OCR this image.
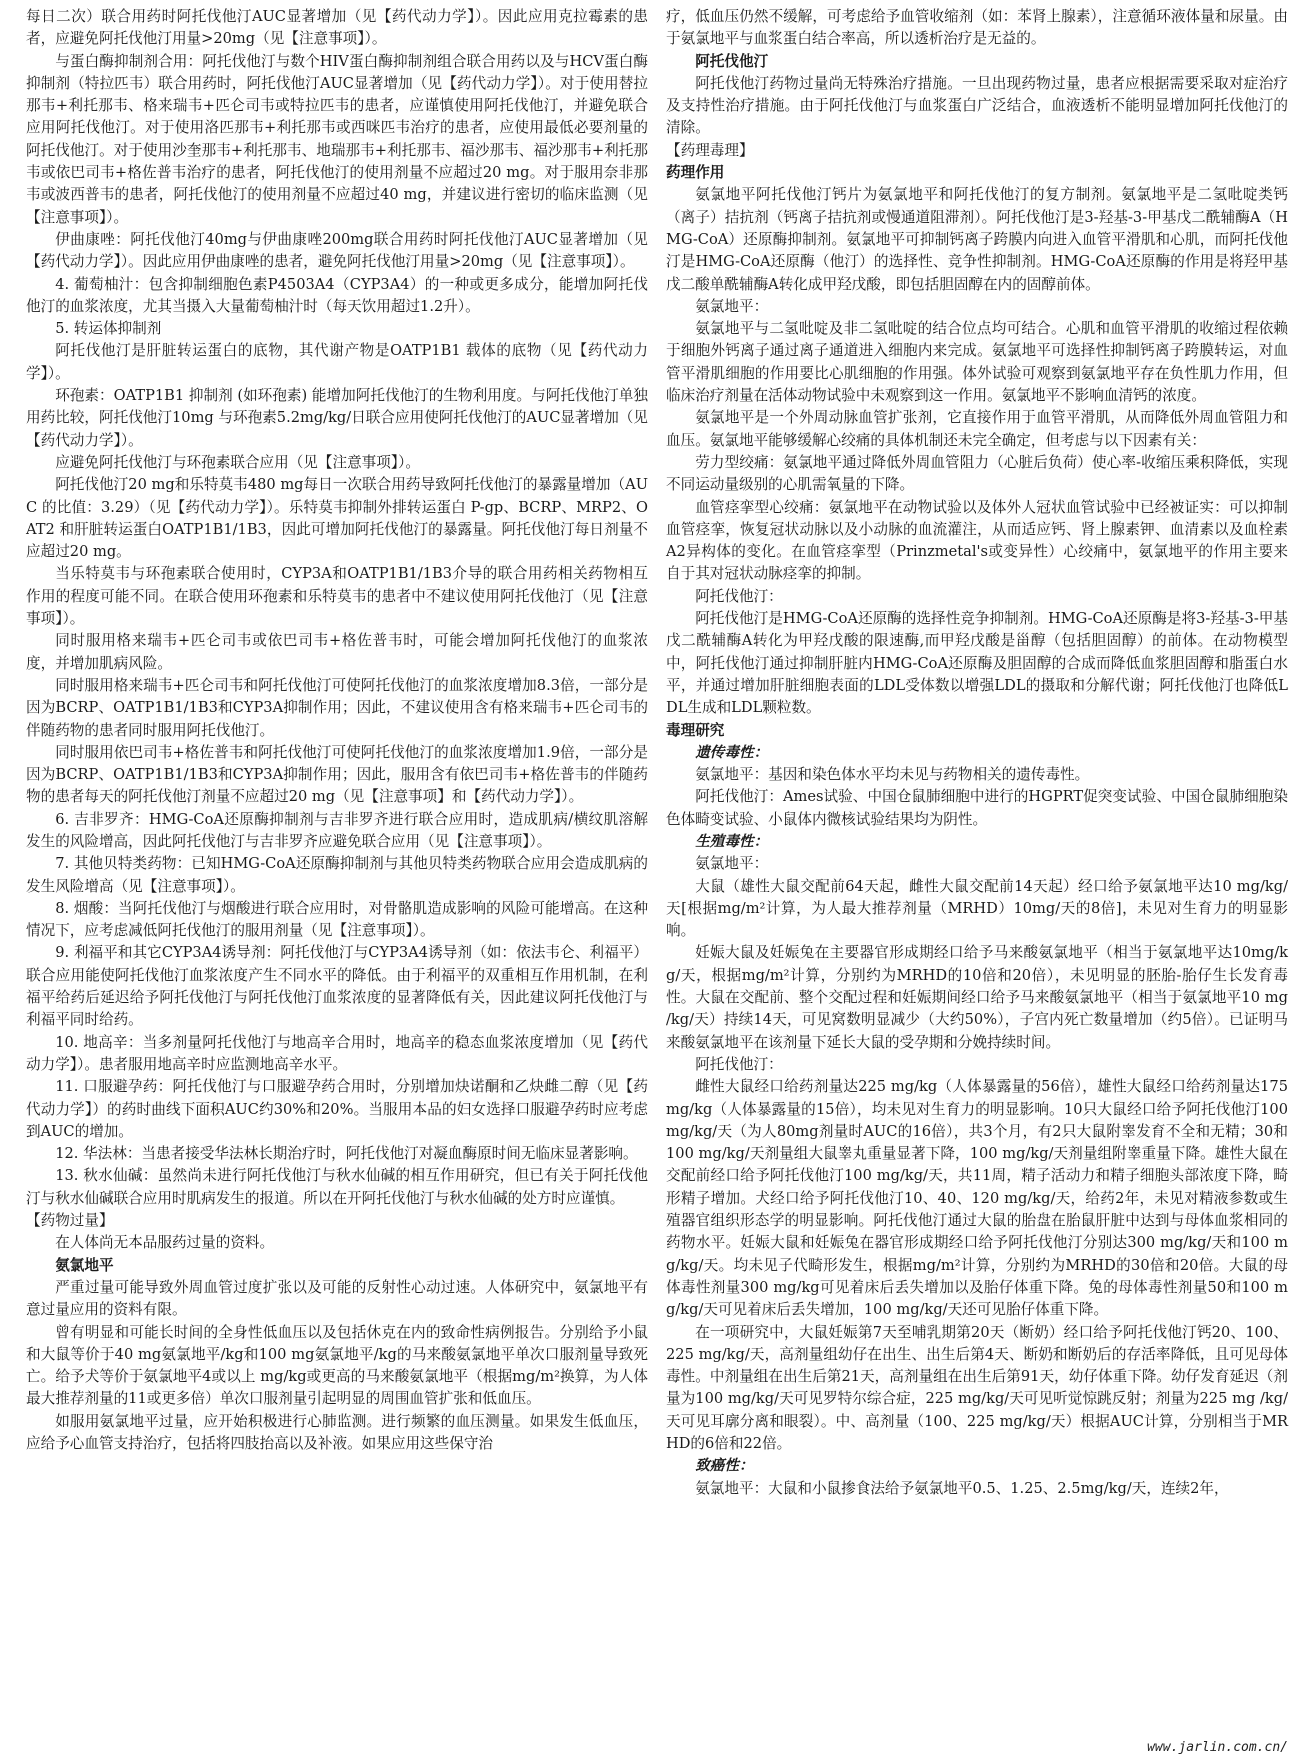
每日二次）联合用药时阿托伐他汀AUC显著增加（见【药代动力学】）。因此应用克拉霉素的患者，应避免阿托伐他汀用量>20mg（见【注意事项】）。

与蛋白酶抑制剂合用：阿托伐他汀与数个HIV蛋白酶抑制剂组合联合用药以及与HCV蛋白酶抑制剂（特拉匹韦）联合用药时，阿托伐他汀AUC显著增加（见【药代动力学】）。对于使用替拉那韦+利托那韦、格来瑞韦+匹仑司韦或特拉匹韦的患者，应谨慎使用阿托伐他汀，并避免联合应用阿托伐他汀。对于使用洛匹那韦+利托那韦或西咪匹韦治疗的患者，应使用最低必要剂量的阿托伐他汀。对于使用沙奎那韦+利托那韦、地瑞那韦+利托那韦、福沙那韦、福沙那韦+利托那韦或依巴司韦+格佐普韦治疗的患者，阿托伐他汀的使用剂量不应超过20 mg。对于服用奈非那韦或波西普韦的患者，阿托伐他汀的使用剂量不应超过40 mg，并建议进行密切的临床监测（见【注意事项】）。

伊曲康唑：阿托伐他汀40mg与伊曲康唑200mg联合用药时阿托伐他汀AUC显著增加（见【药代动力学】）。因此应用伊曲康唑的患者，避免阿托伐他汀用量>20mg（见【注意事项】）。

4. 葡萄柚汁：包含抑制细胞色素P4503A4（CYP3A4）的一种或更多成分，能增加阿托伐他汀的血浆浓度，尤其当摄入大量葡萄柚汁时（每天饮用超过1.2升）。

5. 转运体抑制剂

阿托伐他汀是肝脏转运蛋白的底物，其代谢产物是OATP1B1 载体的底物（见【药代动力学】）。

环孢素：OATP1B1 抑制剂 (如环孢素) 能增加阿托伐他汀的生物利用度。与阿托伐他汀单独用药比较，阿托伐他汀10mg 与环孢素5.2mg/kg/日联合应用使阿托伐他汀的AUC显著增加（见【药代动力学】）。

应避免阿托伐他汀与环孢素联合应用（见【注意事项】）。

阿托伐他汀20 mg和乐特莫韦480 mg每日一次联合用药导致阿托伐他汀的暴露量增加（AUC 的比值：3.29）（见【药代动力学】）。乐特莫韦抑制外排转运蛋白 P-gp、BCRP、MRP2、OAT2 和肝脏转运蛋白OATP1B1/1B3，因此可增加阿托伐他汀的暴露量。阿托伐他汀每日剂量不应超过20 mg。

当乐特莫韦与环孢素联合使用时，CYP3A和OATP1B1/1B3介导的联合用药相关药物相互作用的程度可能不同。在联合使用环孢素和乐特莫韦的患者中不建议使用阿托伐他汀（见【注意事项】）。

同时服用格来瑞韦+匹仑司韦或依巴司韦+格佐普韦时，可能会增加阿托伐他汀的血浆浓度，并增加肌病风险。

同时服用格来瑞韦+匹仑司韦和阿托伐他汀可使阿托伐他汀的血浆浓度增加8.3倍，一部分是因为BCRP、OATP1B1/1B3和CYP3A抑制作用；因此，不建议使用含有格来瑞韦+匹仑司韦的伴随药物的患者同时服用阿托伐他汀。

同时服用依巴司韦+格佐普韦和阿托伐他汀可使阿托伐他汀的血浆浓度增加1.9倍，一部分是因为BCRP、OATP1B1/1B3和CYP3A抑制作用；因此，服用含有依巴司韦+格佐普韦的伴随药物的患者每天的阿托伐他汀剂量不应超过20 mg（见【注意事项】和【药代动力学】）。

6. 吉非罗齐：HMG-CoA还原酶抑制剂与吉非罗齐进行联合应用时，造成肌病/横纹肌溶解发生的风险增高，因此阿托伐他汀与吉非罗齐应避免联合应用（见【注意事项】）。

7. 其他贝特类药物：已知HMG-CoA还原酶抑制剂与其他贝特类药物联合应用会造成肌病的发生风险增高（见【注意事项】）。

8. 烟酸：当阿托伐他汀与烟酸进行联合应用时，对骨骼肌造成影响的风险可能增高。在这种情况下，应考虑减低阿托伐他汀的服用剂量（见【注意事项】）。

9. 利福平和其它CYP3A4诱导剂：阿托伐他汀与CYP3A4诱导剂（如：依法韦仑、利福平）联合应用能使阿托伐他汀血浆浓度产生不同水平的降低。由于利福平的双重相互作用机制，在利福平给药后延迟给予阿托伐他汀与阿托伐他汀血浆浓度的显著降低有关，因此建议阿托伐他汀与利福平同时给药。

10. 地高辛：当多剂量阿托伐他汀与地高辛合用时，地高辛的稳态血浆浓度增加（见【药代动力学】）。患者服用地高辛时应监测地高辛水平。

11. 口服避孕药：阿托伐他汀与口服避孕药合用时，分别增加炔诺酮和乙炔雌二醇（见【药代动力学】）的药时曲线下面积AUC约30%和20%。当服用本品的妇女选择口服避孕药时应考虑到AUC的增加。

12. 华法林：当患者接受华法林长期治疗时，阿托伐他汀对凝血酶原时间无临床显著影响。

13. 秋水仙碱：虽然尚未进行阿托伐他汀与秋水仙碱的相互作用研究，但已有关于阿托伐他汀与秋水仙碱联合应用时肌病发生的报道。所以在开阿托伐他汀与秋水仙碱的处方时应谨慎。

【药物过量】

在人体尚无本品服药过量的资料。

氨氯地平

严重过量可能导致外周血管过度扩张以及可能的反射性心动过速。人体研究中，氨氯地平有意过量应用的资料有限。

曾有明显和可能长时间的全身性低血压以及包括休克在内的致命性病例报告。分别给予小鼠和大鼠等价于40 mg氨氯地平/kg和100 mg氨氯地平/kg的马来酸氨氯地平单次口服剂量导致死亡。给予犬等价于氨氯地平4或以上 mg/kg或更高的马来酸氨氯地平（根据mg/m²换算，为人体最大推荐剂量的11或更多倍）单次口服剂量引起明显的周围血管扩张和低血压。

如服用氨氯地平过量，应开始积极进行心肺监测。进行频繁的血压测量。如果发生低血压，应给予心血管支持治疗，包括将四肢抬高以及补液。如果应用这些保守治

疗，低血压仍然不缓解，可考虑给予血管收缩剂（如：苯肾上腺素），注意循环液体量和尿量。由于氨氯地平与血浆蛋白结合率高，所以透析治疗是无益的。

阿托伐他汀

阿托伐他汀药物过量尚无特殊治疗措施。一旦出现药物过量，患者应根据需要采取对症治疗及支持性治疗措施。由于阿托伐他汀与血浆蛋白广泛结合，血液透析不能明显增加阿托伐他汀的清除。

【药理毒理】

药理作用

氨氯地平阿托伐他汀钙片为氨氯地平和阿托伐他汀的复方制剂。氨氯地平是二氢吡啶类钙（离子）拮抗剂（钙离子拮抗剂或慢通道阻滞剂）。阿托伐他汀是3-羟基-3-甲基戊二酰辅酶A（HMG-CoA）还原酶抑制剂。氨氯地平可抑制钙离子跨膜内向进入血管平滑肌和心肌，而阿托伐他汀是HMG-CoA还原酶（他汀）的选择性、竞争性抑制剂。HMG-CoA还原酶的作用是将羟甲基戊二酸单酰辅酶A转化成甲羟戊酸，即包括胆固醇在内的固醇前体。

氨氯地平：

氨氯地平与二氢吡啶及非二氢吡啶的结合位点均可结合。心肌和血管平滑肌的收缩过程依赖于细胞外钙离子通过离子通道进入细胞内来完成。氨氯地平可选择性抑制钙离子跨膜转运，对血管平滑肌细胞的作用要比心肌细胞的作用强。体外试验可观察到氨氯地平存在负性肌力作用，但临床治疗剂量在活体动物试验中未观察到这一作用。氨氯地平不影响血清钙的浓度。

氨氯地平是一个外周动脉血管扩张剂，它直接作用于血管平滑肌，从而降低外周血管阻力和血压。氨氯地平能够缓解心绞痛的具体机制还未完全确定，但考虑与以下因素有关：

劳力型绞痛：氨氯地平通过降低外周血管阻力（心脏后负荷）使心率-收缩压乘积降低，实现不同运动量级别的心肌需氧量的下降。

血管痉挛型心绞痛：氨氯地平在动物试验以及体外人冠状血管试验中已经被证实：可以抑制血管痉挛，恢复冠状动脉以及小动脉的血流灌注，从而适应钙、肾上腺素钾、血清素以及血栓素A2异构体的变化。在血管痉挛型（Prinzmetal's或变异性）心绞痛中，氨氯地平的作用主要来自于其对冠状动脉痉挛的抑制。

阿托伐他汀：

阿托伐他汀是HMG-CoA还原酶的选择性竞争抑制剂。HMG-CoA还原酶是将3-羟基-3-甲基戊二酰辅酶A转化为甲羟戊酸的限速酶,而甲羟戊酸是甾醇（包括胆固醇）的前体。在动物模型中，阿托伐他汀通过抑制肝脏内HMG-CoA还原酶及胆固醇的合成而降低血浆胆固醇和脂蛋白水平，并通过增加肝脏细胞表面的LDL受体数以增强LDL的摄取和分解代谢；阿托伐他汀也降低LDL生成和LDL颗粒数。

毒理研究

遗传毒性：

氨氯地平：基因和染色体水平均未见与药物相关的遗传毒性。

阿托伐他汀：Ames试验、中国仓鼠肺细胞中进行的HGPRT促突变试验、中国仓鼠肺细胞染色体畸变试验、小鼠体内微核试验结果均为阴性。

生殖毒性：

氨氯地平：

大鼠（雄性大鼠交配前64天起，雌性大鼠交配前14天起）经口给予氨氯地平达10 mg/kg/天[根据mg/m²计算，为人最大推荐剂量（MRHD）10mg/天的8倍]，未见对生育力的明显影响。

妊娠大鼠及妊娠兔在主要器官形成期经口给予马来酸氨氯地平（相当于氨氯地平达10mg/kg/天，根据mg/m²计算，分别约为MRHD的10倍和20倍），未见明显的胚胎-胎仔生长发育毒性。大鼠在交配前、整个交配过程和妊娠期间经口给予马来酸氨氯地平（相当于氨氯地平10 mg /kg/天）持续14天，可见窝数明显减少（大约50%），子宫内死亡数量增加（约5倍）。已证明马来酸氨氯地平在该剂量下延长大鼠的受孕期和分娩持续时间。

阿托伐他汀：

雌性大鼠经口给药剂量达225 mg/kg（人体暴露量的56倍），雄性大鼠经口给药剂量达175 mg/kg（人体暴露量的15倍），均未见对生育力的明显影响。10只大鼠经口给予阿托伐他汀100 mg/kg/天（为人80mg剂量时AUC的16倍），共3个月，有2只大鼠附睾发育不全和无精；30和100 mg/kg/天剂量组大鼠睾丸重量显著下降，100 mg/kg/天剂量组附睾重量下降。雄性大鼠在交配前经口给予阿托伐他汀100 mg/kg/天，共11周，精子活动力和精子细胞头部浓度下降，畸形精子增加。犬经口给予阿托伐他汀10、40、120 mg/kg/天，给药2年，未见对精液参数或生殖器官组织形态学的明显影响。阿托伐他汀通过大鼠的胎盘在胎鼠肝脏中达到与母体血浆相同的药物水平。妊娠大鼠和妊娠兔在器官形成期经口给予阿托伐他汀分别达300 mg/kg/天和100 mg/kg/天。均未见子代畸形发生，根据mg/m²计算，分别约为MRHD的30倍和20倍。大鼠的母体毒性剂量300 mg/kg可见着床后丢失增加以及胎仔体重下降。兔的母体毒性剂量50和100 mg/kg/天可见着床后丢失增加，100 mg/kg/天还可见胎仔体重下降。

在一项研究中，大鼠妊娠第7天至哺乳期第20天（断奶）经口给予阿托伐他汀钙20、100、225 mg/kg/天，高剂量组幼仔在出生、出生后第4天、断奶和断奶后的存活率降低，且可见母体毒性。中剂量组在出生后第21天，高剂量组在出生后第91天，幼仔体重下降。幼仔发育延迟（剂量为100 mg/kg/天可见罗特尔综合症，225 mg/kg/天可见听觉惊跳反射；剂量为225 mg /kg/天可见耳廓分离和眼裂）。中、高剂量（100、225 mg/kg/天）根据AUC计算，分别相当于MRHD的6倍和22倍。

致癌性：

氨氯地平：大鼠和小鼠掺食法给予氨氯地平0.5、1.25、2.5mg/kg/天，连续2年，

www.jarlin.com.cn/
